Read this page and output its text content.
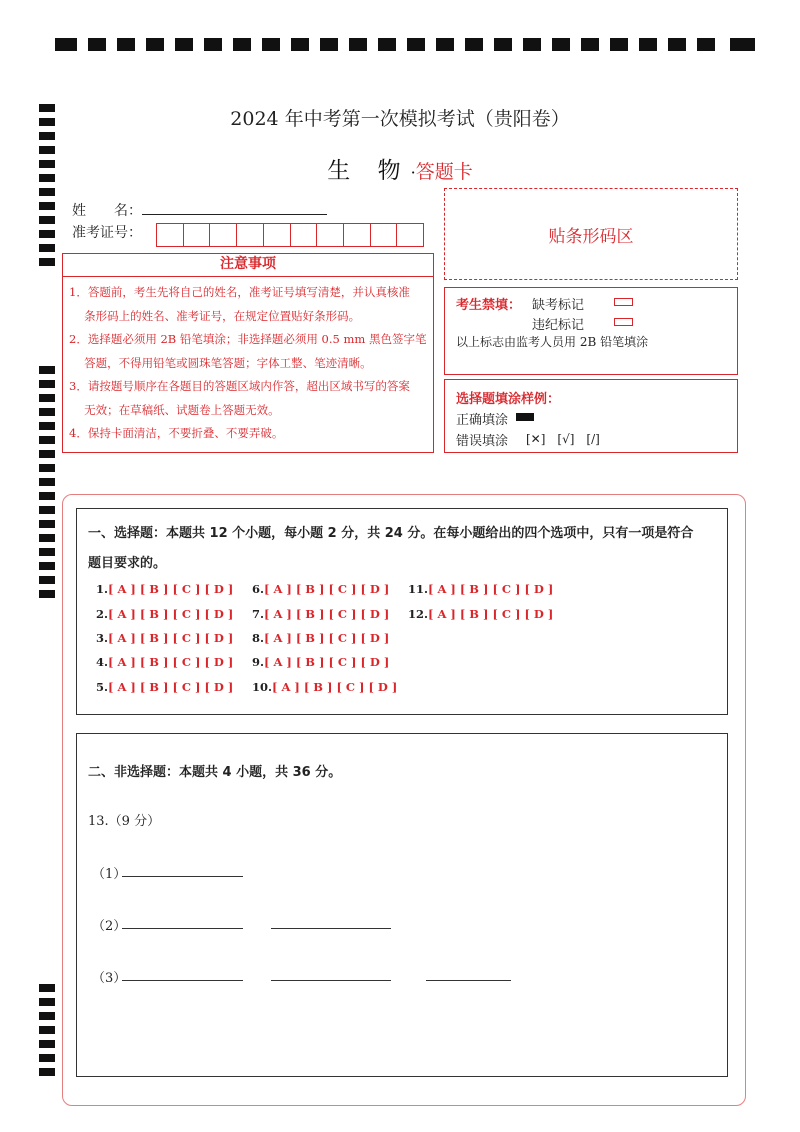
2024 年中考第一次模拟考试（贵阳卷）
生 物·答题卡
姓　　名：
准考证号：	贴条形码区
注意事项
1．答题前，考生先将自己的姓名，准考证号填写清楚，并认真核准
　 条形码上的姓名、准考证号，在规定位置贴好条形码。
2．选择题必须用 2B 铅笔填涂；非选择题必须用 0.5 mm 黑色签字笔
　 答题，不得用铅笔或圆珠笔答题；字体工整、笔迹清晰。
3．请按题号顺序在各题目的答题区域内作答，超出区域书写的答案
　 无效；在草稿纸、试题卷上答题无效。
4．保持卡面清洁，不要折叠、不要弄破。
考生禁填： 缺考标记
违纪标记
以上标志由监考人员用 2B 铅笔填涂
选择题填涂样例：
正确填涂
错误填涂 [✕]　[√]　[/]
一、选择题：本题共 12 个小题，每小题 2 分，共 24 分。在每小题给出的四个选项中，只有一项是符合
题目要求的。
1.[ A ] [ B ] [ C ] [ D ]
2.[ A ] [ B ] [ C ] [ D ]
3.[ A ] [ B ] [ C ] [ D ]
4.[ A ] [ B ] [ C ] [ D ]
5.[ A ] [ B ] [ C ] [ D ]
6.[ A ] [ B ] [ C ] [ D ]
7.[ A ] [ B ] [ C ] [ D ]
8.[ A ] [ B ] [ C ] [ D ]
9.[ A ] [ B ] [ C ] [ D ]
10.[ A ] [ B ] [ C ] [ D ]
11.[ A ] [ B ] [ C ] [ D ]
12.[ A ] [ B ] [ C ] [ D ]
二、非选择题：本题共 4 小题，共 36 分。
13.（9 分）
（1）
（2）
（3）
